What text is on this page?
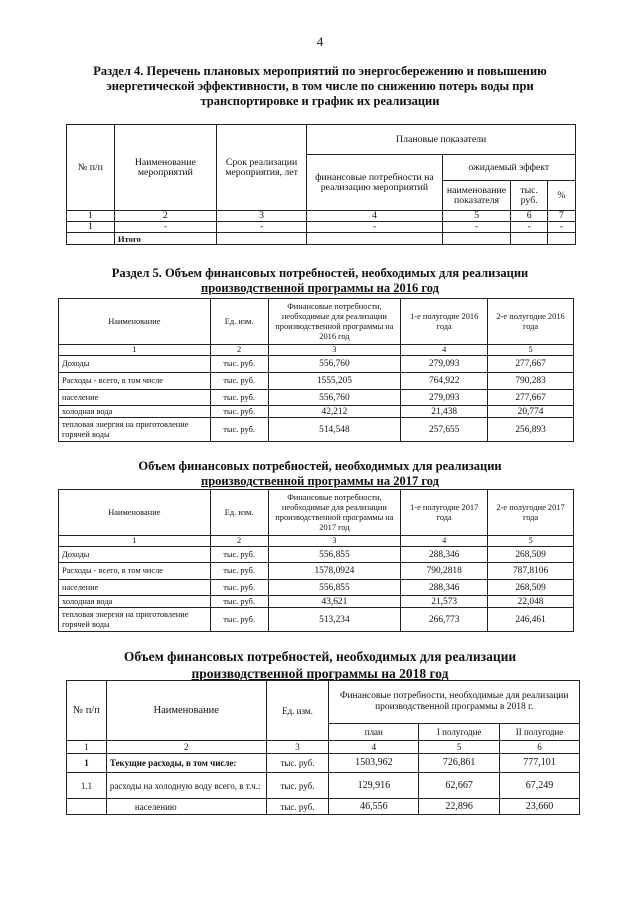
4
Раздел 4. Перечень плановых мероприятий по энергосбережению и повышению
энергетической эффективности, в том числе по снижению потерь воды при
транспортировке и график их реализации
№ п/п	Наименование мероприятий	Срок реализации мероприятия, лет	Плановые показатели			
			финансовые потребности на реализацию мероприятий	ожидаемый эффект		
				наименование показателя	тыс. руб.	%
1	2	3	4	5	6	7
1	-	-	-	-	-	-
	Итого					
Раздел 5. Объем финансовых потребностей, необходимых для реализации
производственной программы на 2016 год
Наименование	Ед. изм.	Финансовые потребности, необходимые для реализации производственной программы на 2016 год	1-е полугодие 2016 года	2-е полугодие 2016 года
1	2	3	4	5
Доходы	тыс. руб.	556,760	279,093	277,667
Расходы - всего, в том числе	тыс. руб.	1555,205	764,922	790,283
население	тыс. руб.	556,760	279,093	277,667
холодная вода	тыс. руб.	42,212	21,438	20,774
тепловая энергия на приготовление горячей воды	тыс. руб.	514,548	257,655	256,893
Объем финансовых потребностей, необходимых для реализации
производственной программы на 2017 год
Наименование	Ед. изм.	Финансовые потребности, необходимые для реализации производственной программы на 2017 год	1-е полугодие 2017 года	2-е полугодие 2017 года
1	2	3	4	5
Доходы	тыс. руб.	556,855	288,346	268,509
Расходы - всего, в том числе	тыс. руб.	1578,0924	790,2818	787,8106
население	тыс. руб.	556,855	288,346	268,509
холодная вода	тыс. руб.	43,621	21,573	22,048
тепловая энергия на приготовление горячей воды	тыс. руб.	513,234	266,773	246,461
Объем финансовых потребностей, необходимых для реализации
производственной программы на 2018 год
№ п/п	Наименование	Ед. изм.	Финансовые потребности, необходимые для реализации производственной программы в 2018 г.		
			план	I полугодие	II полугодие
1	2	3	4	5	6
1	Текущие расходы, в том числе:	тыс. руб.	1503,962	726,861	777,101
1.1	расходы на холодную воду всего, в т.ч.:	тыс. руб.	129,916	62,667	67,249
	населению	тыс. руб.	46,556	22,896	23,660
